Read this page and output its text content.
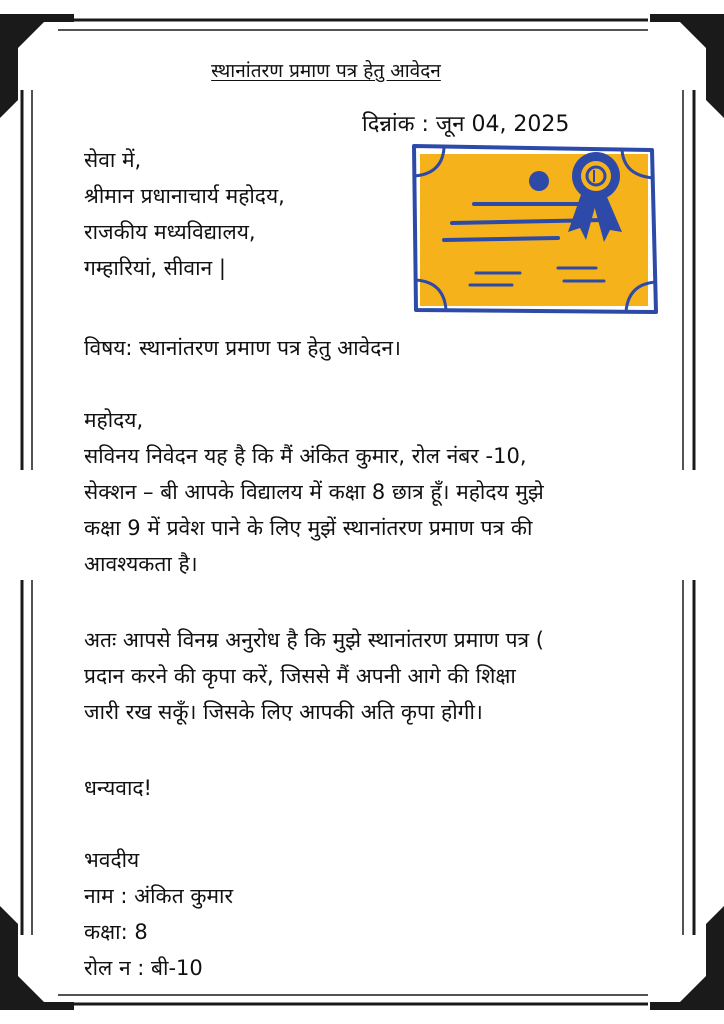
स्थानांतरण प्रमाण पत्र हेतु आवेदन
दिन्नांक : जून 04, 2025
सेवा में,
श्रीमान प्रधानाचार्य महोदय,
राजकीय मध्यविद्यालय,
गम्हारियां, सीवान |
विषय: स्थानांतरण प्रमाण पत्र हेतु आवेदन।
महोदय,
सविनय निवेदन यह है कि मैं अंकित कुमार, रोल नंबर -10,
सेक्शन – बी आपके विद्यालय में कक्षा 8 छात्र हूँ। महोदय मुझे
कक्षा 9 में प्रवेश पाने के लिए मुझें स्थानांतरण प्रमाण पत्र की
आवश्यकता है।
अतः आपसे विनम्र अनुरोध है कि मुझे स्थानांतरण प्रमाण पत्र (
प्रदान करने की कृपा करें, जिससे मैं अपनी आगे की शिक्षा
जारी रख सकूँ। जिसके लिए आपकी अति कृपा होगी।
धन्यवाद!
भवदीय
नाम : अंकित कुमार
कक्षा: 8
रोल न : बी-10
